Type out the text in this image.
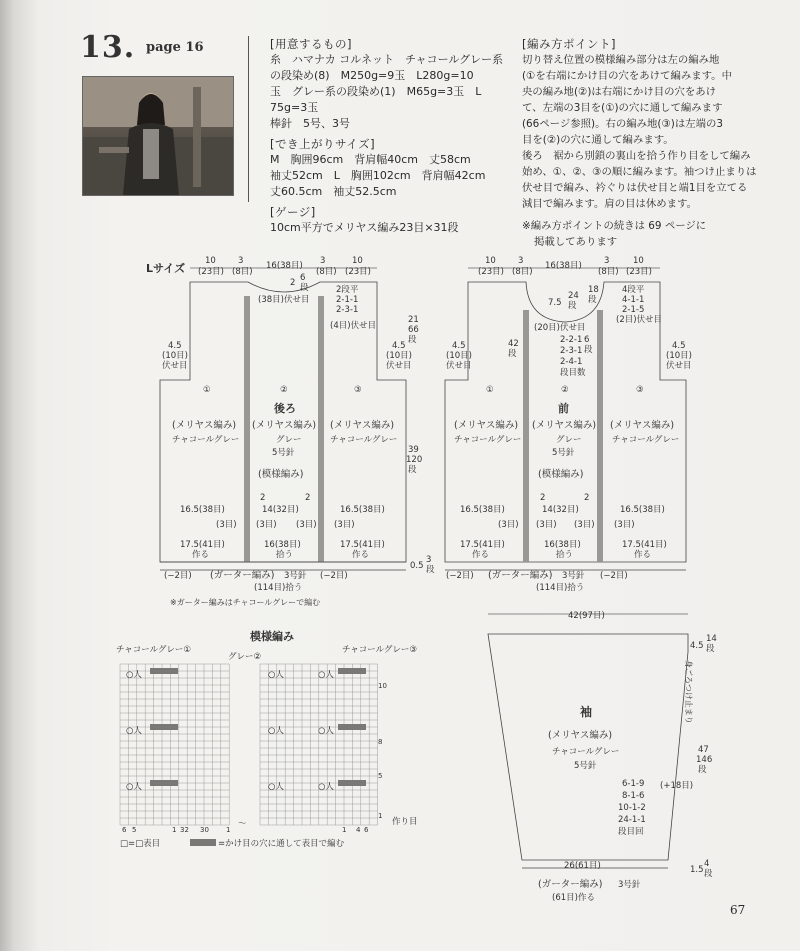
13. page 16	[用意するもの]
糸　ハマナカ コルネット　チャコールグレー系
の段染め(8)　M250g=9玉　L280g=10
玉　グレー系の段染め(1)　M65g=3玉　L
75g=3玉
棒針　5号、3号
[でき上がりサイズ]
M　胸囲96cm　背肩幅40cm　丈58cm
袖丈52cm　L　胸囲102cm　背肩幅42cm
丈60.5cm　袖丈52.5cm
[ゲージ]
10cm平方でメリヤス編み23目×31段
[編み方ポイント]
切り替え位置の模様編み部分は左の編み地
(①を右端にかけ目の穴をあけて編みます。中
央の編み地(②)は右端にかけ目の穴をあけ
て、左端の3目を(①)の穴に通して編みます
(66ページ参照)。右の編み地(③)は左端の3
目を(②)の穴に通して編みます。
後ろ　裾から別鎖の裏山を拾う作り目をして編み
始め、①、②、③の順に編みます。袖つけ止まりは
伏せ目で編み、衿ぐりは伏せ目と端1目を立てる
減目で編みます。肩の目は休めます。
※編み方ポイントの続きは 69 ページに
掲載してあります
Lサイズ
10
(23目)
3
(8目)
16(38目) 3
(8目)
10
(23目)
2 6
段
(38目)伏せ目
2段平
2-1-1
2-3-1
(4目)伏せ目
4.5
(10目)
伏せ目
4.5
(10目)
伏せ目
21
66
段
39
120
段
①	②	③
後ろ
(メリヤス編み)
チャコールグレー
(メリヤス編み)
グレー
5号針
(模様編み)
(メリヤス編み)
チャコールグレー
16.5(38目)
2
14(32目)
2
16.5(38目)
(3目) (3目) (3目) (3目)
17.5(41目)
作る
16(38目)
拾う
17.5(41目)
作る
(−2目) (ガーター編み) 3号針 (−2目)
(114目)拾う
0.5
3
段
※ガーター編みはチャコールグレーで編む
10
(23目)
3
(8目)
16(38目)	3
(8目)
10
(23目)
7.5
24
段
18
段
(20目)伏せ目
6
段
42
段
2-2-1
2-3-1
2-4-1
段目数
4段平
4-1-1
2-1-5
(2目)伏せ目
4.5
(10目)
伏せ目
4.5
(10目)
伏せ目
①	②	③
前
(メリヤス編み)
チャコールグレー
(メリヤス編み)
グレー
5号針
(模様編み)
(メリヤス編み)
チャコールグレー
16.5(38目)
2
14(32目)
2
16.5(38目)
(3目) (3目) (3目) (3目)
17.5(41目)
作る
16(38目)
拾う
17.5(41目)
作る
(−2目) (ガーター編み) 3号針 (−2目)
(114目)拾う
模様編み
チャコールグレー①
グレー②
チャコールグレー③
○人
○人
○人
○人
○人
○人
○人
○人
○人
10
8
5
1
6 5	1 32 30 1	1 4 6
〜	作り目
□=□表目	=かけ目の穴に通して表目で編む
42(97目)
4.5
14
段
身ごろつけ止まり
袖
(メリヤス編み)
チャコールグレー
5号針
47
146
段
6-1-9
8-1-6
10-1-2
24-1-1
段目回
(+18目)
26(61目)
(ガーター編み) 3号針
(61目)作る
1.5
4
段
67
